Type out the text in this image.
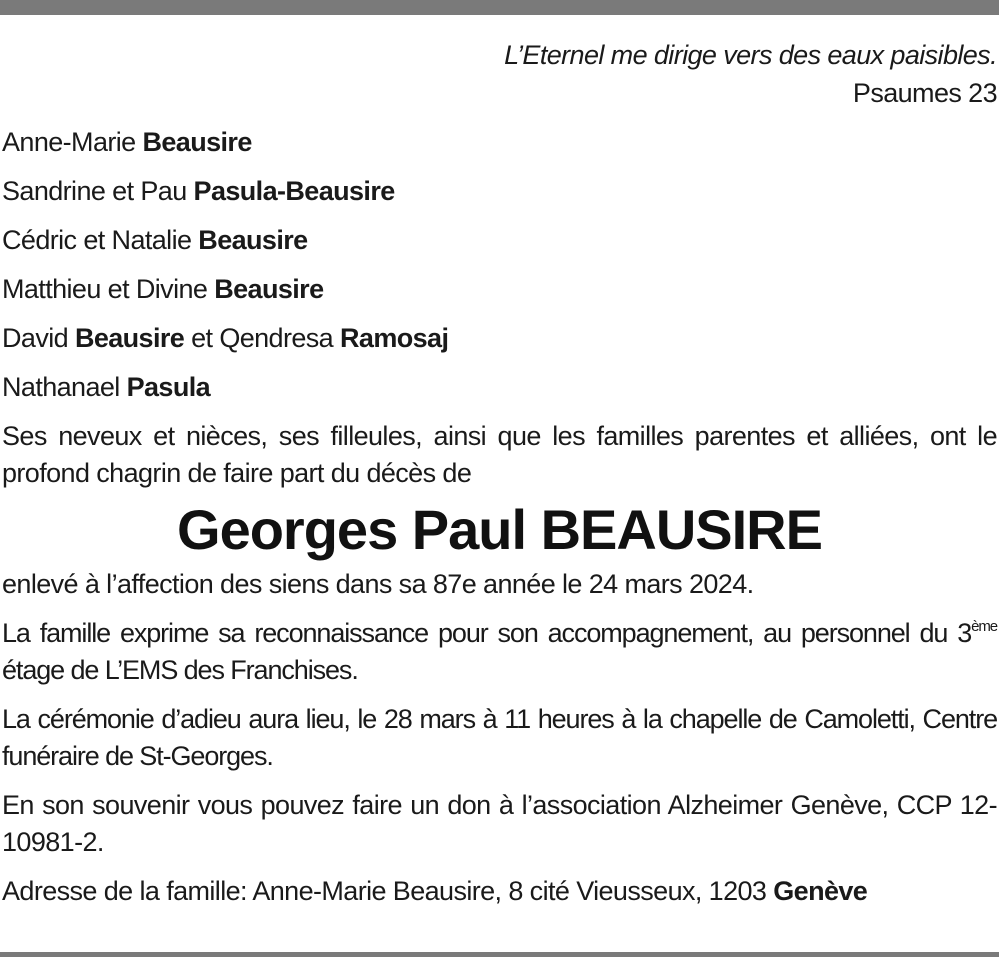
L’Eternel me dirige vers des eaux paisibles.
Psaumes 23
Anne-Marie Beausire
Sandrine et Pau Pasula-Beausire
Cédric et Natalie Beausire
Matthieu et Divine Beausire
David Beausire et Qendresa Ramosaj
Nathanael Pasula
Ses neveux et nièces, ses filleules, ainsi que les familles parentes et alliées, ont le profond chagrin de faire part du décès de
Georges Paul BEAUSIRE
enlevé à l’affection des siens dans sa 87e année le 24 mars 2024.
La famille exprime sa reconnaissance pour son accompagnement, au personnel du 3ème étage de L’EMS des Franchises.
La cérémonie d’adieu aura lieu, le 28 mars à 11 heures à la chapelle de Camoletti, Centre funéraire de St-Georges.
En son souvenir vous pouvez faire un don à l’association Alzheimer Genève, CCP 12-10981-2.
Adresse de la famille: Anne-Marie Beausire, 8 cité Vieusseux, 1203 Genève
